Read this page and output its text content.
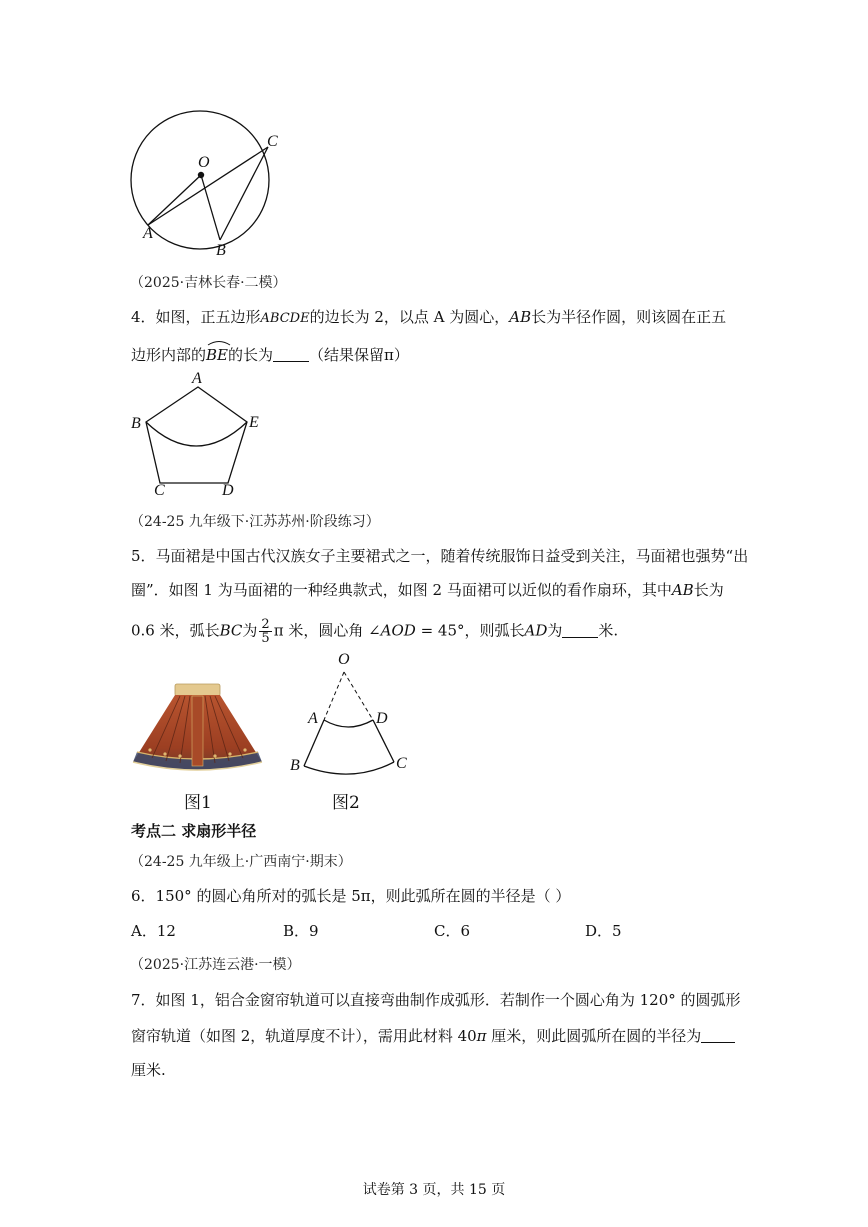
O
A
B
C
（2025·吉林长春·二模）
4．如图，正五边形ABCDE的边长为 2，以点 A 为圆心，AB长为半径作圆，则该圆在正五
边形内部的
BE的长为 （结果保留π）
A
B	E
C	D
（24-25 九年级下·江苏苏州·阶段练习）
5．马面裙是中国古代汉族女子主要裙式之一，随着传统服饰日益受到关注，马面裙也强势“出
圈”．如图 1 为马面裙的一种经典款式，如图 2 马面裙可以近似的看作扇环，其中AB长为
0.6 米，弧长BC为 $\frac{2}{5}$ π 米，圆心角 ∠AOD = 45°，则弧长AD为 米.
图1
O
A	D
B	C
图2
考点二 求扇形半径
（24-25 九年级上·广西南宁·期末）
6．150° 的圆心角所对的弧长是 5π，则此弧所在圆的半径是（ ）
A．12	B．9	C．6	D．5
（2025·江苏连云港·一模）
7．如图 1，铝合金窗帘轨道可以直接弯曲制作成弧形．若制作一个圆心角为 120° 的圆弧形
窗帘轨道（如图 2，轨道厚度不计），需用此材料 40π 厘米，则此圆弧所在圆的半径为
厘米.
试卷第 3 页，共 15 页
